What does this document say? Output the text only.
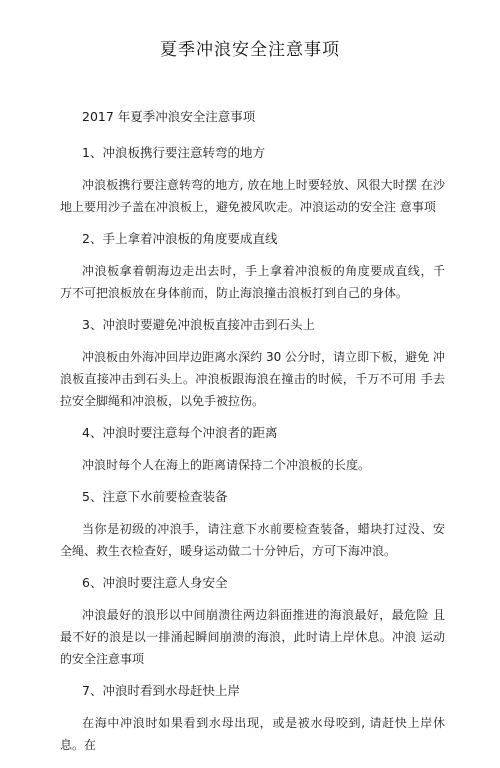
夏季冲浪安全注意事项

2017 年夏季冲浪安全注意事项

1、冲浪板携行要注意转弯的地方

冲浪板携行要注意转弯的地方, 放在地上时要轻放、风很大时摆 在沙地上要用沙子盖在冲浪板上，避免被风吹走。冲浪运动的安全注 意事项

2、手上拿着冲浪板的角度要成直线

冲浪板拿着朝海边走出去时，手上拿着冲浪板的角度要成直线，千 万不可把浪板放在身体前而，防止海浪撞击浪板打到自己的身体。

3、冲浪时要避免冲浪板直接冲击到石头上

冲浪板由外海冲回岸边距离水深约 30 公分时，请立即下板，避免 冲浪板直接冲击到石头上。冲浪板跟海浪在撞击的时候，千万不可用 手去拉安全脚绳和冲浪板，以免手被拉伤。

4、冲浪时要注意每个冲浪者的距离

冲浪时每个人在海上的距离请保持二个冲浪板的长度。

5、注意下水前要检查装备

当你是初级的冲浪手，请注意下水前要检查装备，蜡块打过没、安 全绳、救生衣检查好，暖身运动做二十分钟后，方可下海冲浪。

6、冲浪时要注意人身安全

冲浪最好的浪形以中间崩溃往两边斜面推进的海浪最好，最危险 且最不好的浪是以一排涌起瞬间崩溃的海浪，此时请上岸休息。冲浪 运动的安全注意事项

7、冲浪时看到水母赶快上岸

在海中冲浪时如果看到水母出现，或是被水母咬到, 请赶快上岸休 息。在
